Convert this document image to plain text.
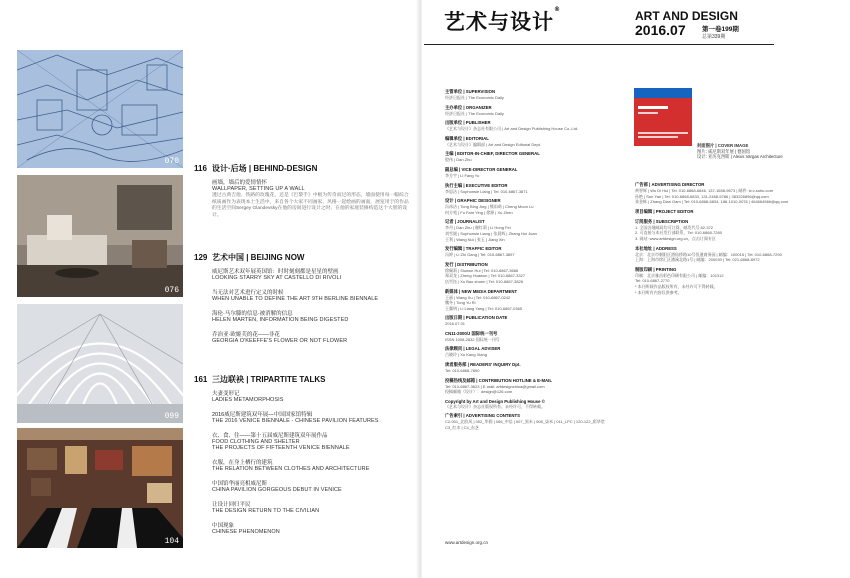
070
076
099
104
116 设计·后场 | BEHIND-DESIGN
画墙，墙后的爱情情怀
WALLPAPER, SETTING UP A WALL
透过古典吉他、铁路的玫瑰花，还是《巴黎手》中极为传奇而过的形态，墙面使用每一幅综合纸质画作为表现本土生活中，来自各个大家不同画家、风格一起绘画的画面，展室用于的作品的生活空间Sergey Glandevsky在他的房间进行设计之时，在他的家庭装修构造这个大胆的设计。
129 艺术中国 | BEIJING NOW
威尼斯艺术双年展英国馆：时时刻刻都是星星的壁画
LOOKING STARRY SKY AT CASTELLO DI RIVOLI
当无法对艺术进行定义的时候
WHEN UNABLE TO DEFINE THE ART 9TH BERLINE BIENNALE
海伦·马尔滕的信息·被消解的信息
HELEN MARTEN, INFORMATION BEING DIGESTED
乔治亚·欧姬芙的花——非花
GEORGIA O'KEEFFE'S FLOWER OR NOT FLOWER
161 三边联袂 | TRIPARTITE TALKS
夫妻变形记
LADIES METAMORPHOSIS
2016威尼斯建筑双年展—中国国家馆特辑
THE 2016 VENICE BIENNALE - CHINESE PAVILION FEATURES
衣、食、住——第十五届威尼斯建筑双年展作品
FOOD CLOTHING AND SHELTER
THE PROJECTS OF FIFTEENTH VENICE BIENNALE
衣服，在身上栖行的建筑
THE RELATION BETWEEN CLOTHES AND ARCHITECTURE
中国馆华丽亮相威尼斯
CHINA PAVILION GORGEOUS DEBUT IN VENICE
让设计回归平民
THE DESIGN RETURN TO THE CIVILIAN
中国现象
CHINESE PHENOMENON
艺术与设计®	ART AND DESIGN
2016.07	第一卷199期
总第339期
主管单位 | SUPERVISION
经济日报社 | The Economic Daily
主办单位 | ORGANIZER
经济日报社 | The Economic Daily
出版单位 | PUBLISHER
《艺术与设计》杂志社有限公司 | Art and Design Publishing House Co.,Ltd.
编辑单位 | EDITORIAL
《艺术与设计》编辑部 | Art and Design Editorial Dept.
主编 | EDITOR-IN-CHIEF, DIRECTOR GENERAL
殷伟 | Dan Zhu
副总编 | VICE-DIRECTOR GENERAL
李方宇 | Li Fang Yu
执行主编 | EXECUTIVE EDITOR
李思洁 | Sophonsie Liang | Tel: 010-6867-3871
设计 | GRAPHIC DESIGNER
冯冰洁 | Tong Bing Jing | 熊雨萌 | Cheng Moon Lu
何方苑 | Fu Fam Ying | 徐源 | Xu Zhen
记者 | JOURNALIST
李丹 | Dan Zhu | 谢红莉 | Li Hong Fei
刘雪媛 | Sophonsie Liang | 张晨辉 | Zhang Hui Juan
王利 | Wang Nui | 张玉 | Jiang Xin
发行编辑 | TRAFFIC EDITOR
冯婷 | Li Zhi Gang | Tel: 010-6867-3897
发行 | DISTRIBUTION
徐佩莉 | Siuwun Hui | Tel: 010-6867-3666
郑双龙 | Zheng Huawun | Tel: 010-6867-3327
伍雪钰 | Xu Bao shuen | Tel: 010-6867-3826
新媒体 | NEW MEDIA DEPARTMENT
王丽 | Wang Xu | Tel: 010-6867-0242
魏冬 | Tong Yu Ri
王翼明 | Li Liang Yang | Tel: 010-6867-0365
出版日期 | PUBLICATION DATE
2016.07.01
CN11-2000/J 国际统一刊号
ISSN 1008-2832 国际统一刊号
法律顾问 | LEGAL ADVISER
吕晓玲 | Xu Kang Xiang
读者服务部 | READERS' INQUIRY Dpt.
Tel: 010-6868-7890
投稿热线及邮箱 | CONTRIBUTION HOTLINE & E-MAIL
Tel: 010-6867-3623 | E-mail: artdesignchina@gmail.com
投稿邮箱（设计）：design@126.com
Copyright by Art and Design Publishing House ©
《艺术与设计》杂志社版权所有。未经许可，不得转载。
广告索引 | ADVERTISING CONTENTS
C2-001_北欧风 | 002_华润 | 006_中信 | 007_黑米 | 008_柒米 | 011_LPC | 120-122_彩华堂
C3_红木 | C4_东芝
封面图片 | COVER IMAGE
图片: 威尼斯双年展 | 德国馆
设计: 亚历克西斯 | Alexis Vargas Architecture
广告部 | ADVERTISING DIRECTOR
黄智辉 | Wu Di Hui | Tel: 010-6868-6846, 137-1658-9673 | 邮件: tv.c.sohu.com
孙艳 | Sun Yan | Tel: 010-6868-6833, 131-2468-5786 | 383226896@qq.com
张金栋 | Zhang Dian Gam | Tel: 010-6868-6834, 186-1010-0076 | 464664566@qq.com
项目编辑 | PROJECT EDITOR
订阅服务 | SUBSCRIPTION
1. 全国各地邮局均可订阅，邮发代号 82-372
2. 可直接与本社发行部联系，Tel: 010-6868-7280
3. 网站: www.artdesign.org.cn，点击订阅专区
本社地址 | ADDRESS
北京：北京市朝阳区酒仙桥路10号恒通商务园 | 邮编：100015 | Tel: 010-6868-7290
上海：上海市徐汇区漕溪北路1号 | 邮编：200030 | Tel: 021-6868-8972
制版印刷 | PRINTING
印制：北京雅昌彩色印刷有限公司 | 邮编：101312
Tel: 010-6867-2770
* 本刊所载作品版权所有，未经许可不得转载。
* 本刊所有内容仅供参考。
www.artdesign.org.cn
